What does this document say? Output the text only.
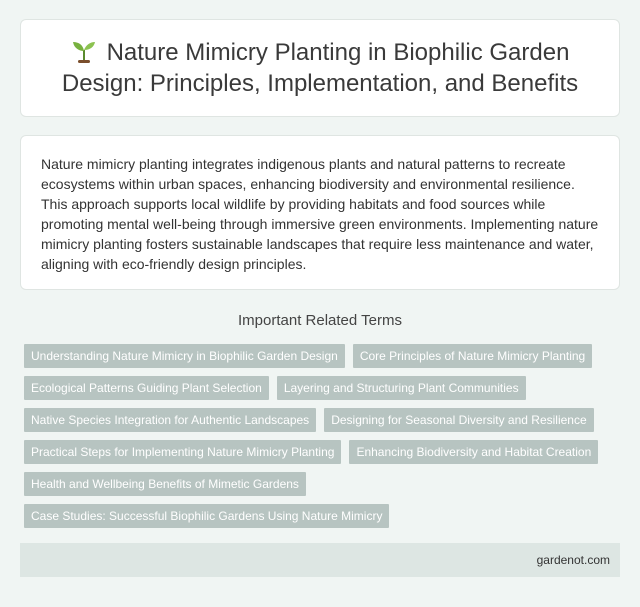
Nature Mimicry Planting in Biophilic Garden Design: Principles, Implementation, and Benefits

Nature mimicry planting integrates indigenous plants and natural patterns to recreate ecosystems within urban spaces, enhancing biodiversity and environmental resilience. This approach supports local wildlife by providing habitats and food sources while promoting mental well-being through immersive green environments. Implementing nature mimicry planting fosters sustainable landscapes that require less maintenance and water, aligning with eco-friendly design principles.

Important Related Terms
Understanding Nature Mimicry in Biophilic Garden Design	Core Principles of Nature Mimicry Planting
Ecological Patterns Guiding Plant Selection	Layering and Structuring Plant Communities
Native Species Integration for Authentic Landscapes	Designing for Seasonal Diversity and Resilience
Practical Steps for Implementing Nature Mimicry Planting	Enhancing Biodiversity and Habitat Creation
Health and Wellbeing Benefits of Mimetic Gardens
Case Studies: Successful Biophilic Gardens Using Nature Mimicry
gardenot.com
